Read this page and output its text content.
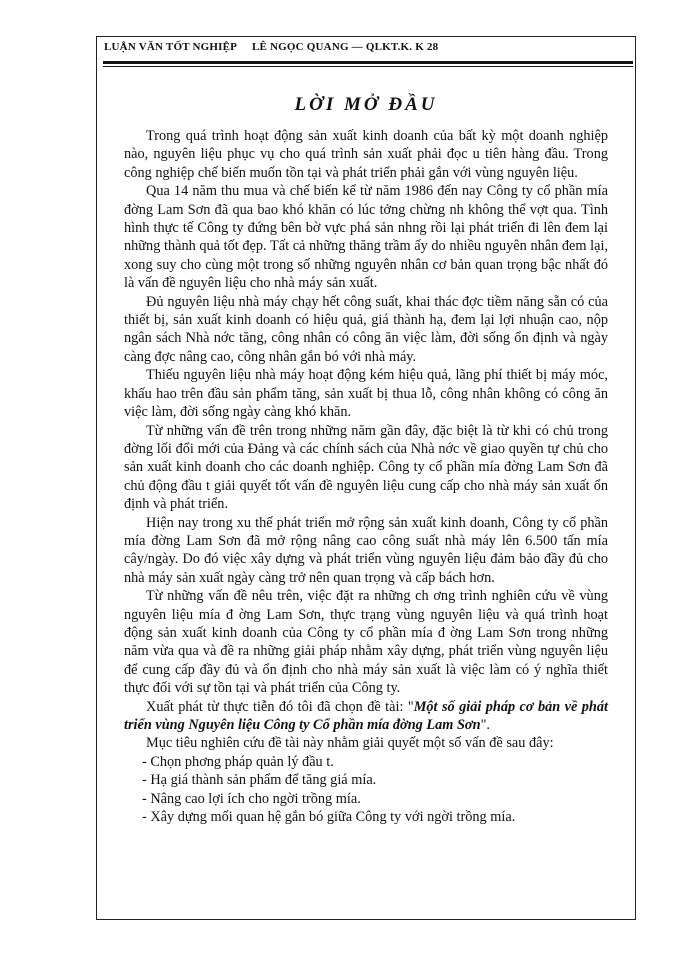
LUẬN VĂN TỐT NGHIỆP LÊ NGỌC QUANG — QLKT.K. K 28
LỜI MỞ ĐẦU

Trong quá trình hoạt động sản xuất kinh doanh của bất kỳ một doanh nghiệp nào, nguyên liệu phục vụ cho quá trình sản xuất phải đọc u tiên hàng đầu. Trong công nghiệp chế biến muốn tồn tại và phát triển phải gắn với vùng nguyên liệu.

Qua 14 năm thu mua và chế biến kể từ năm 1986 đến nay Công ty cổ phần mía đờng Lam Sơn đã qua bao khó khăn có lúc tởng chừng nh không thể vợt qua. Tình hình thực tế Công ty đứng bên bờ vực phá sản nhng rồi lại phát triển đi lên đem lại những thành quả tốt đẹp. Tất cả những thăng trầm ấy do nhiều nguyên nhân đem lại, xong suy cho cùng một trong số những nguyên nhân cơ bản quan trọng bậc nhất đó là vấn đề nguyên liệu cho nhà máy sản xuất.

Đủ nguyên liệu nhà máy chạy hết công suất, khai thác đợc tiềm năng sẵn có của thiết bị, sản xuất kinh doanh có hiệu quả, giá thành hạ, đem lại lợi nhuận cao, nộp ngân sách Nhà nớc tăng, công nhân có công ăn việc làm, đời sống ổn định và ngày càng đợc nâng cao, công nhân gắn bó với nhà máy.

Thiếu nguyên liệu nhà máy hoạt động kém hiệu quả, lãng phí thiết bị máy móc, khấu hao trên đầu sản phẩm tăng, sản xuất bị thua lỗ, công nhân không có công ăn việc làm, đời sống ngày càng khó khăn.

Từ những vấn đề trên trong những năm gần đây, đặc biệt là từ khi có chủ trong đờng lối đổi mới của Đảng và các chính sách của Nhà nớc về giao quyền tự chủ cho sản xuất kinh doanh cho các doanh nghiệp. Công ty cổ phần mía đờng Lam Sơn đã chủ động đầu t giải quyết tốt vấn đề nguyên liệu cung cấp cho nhà máy sản xuất ổn định và phát triển.

Hiện nay trong xu thế phát triển mở rộng sản xuất kinh doanh, Công ty cổ phần mía đờng Lam Sơn đã mở rộng nâng cao công suất nhà máy lên 6.500 tấn mía cây/ngày. Do đó việc xây dựng và phát triển vùng nguyên liệu đảm bảo đầy đủ cho nhà máy sản xuất ngày càng trở nên quan trọng và cấp bách hơn.

Từ những vấn đề nêu trên, việc đặt ra những ch ơng trình nghiên cứu về vùng nguyên liệu mía đ ờng Lam Sơn, thực trạng vùng nguyên liệu và quá trình hoạt động sản xuất kinh doanh của Công ty cổ phần mía đ ờng Lam Sơn trong những năm vừa qua và đề ra những giải pháp nhằm xây dựng, phát triển vùng nguyên liệu để cung cấp đầy đủ và ổn định cho nhà máy sản xuất là việc làm có ý nghĩa thiết thực đối với sự tồn tại và phát triển của Công ty.

Xuất phát từ thực tiễn đó tôi đã chọn đề tài: "Một số giải pháp cơ bản về phát triển vùng Nguyên liệu Công ty Cổ phần mía đờng Lam Sơn".

Mục tiêu nghiên cứu đề tài này nhằm giải quyết một số vấn đề sau đây:

- Chọn phơng pháp quản lý đầu t.

- Hạ giá thành sản phẩm để tăng giá mía.

- Nâng cao lợi ích cho ngời trồng mía.

- Xây dựng mối quan hệ gắn bó giữa Công ty với ngời trồng mía.
